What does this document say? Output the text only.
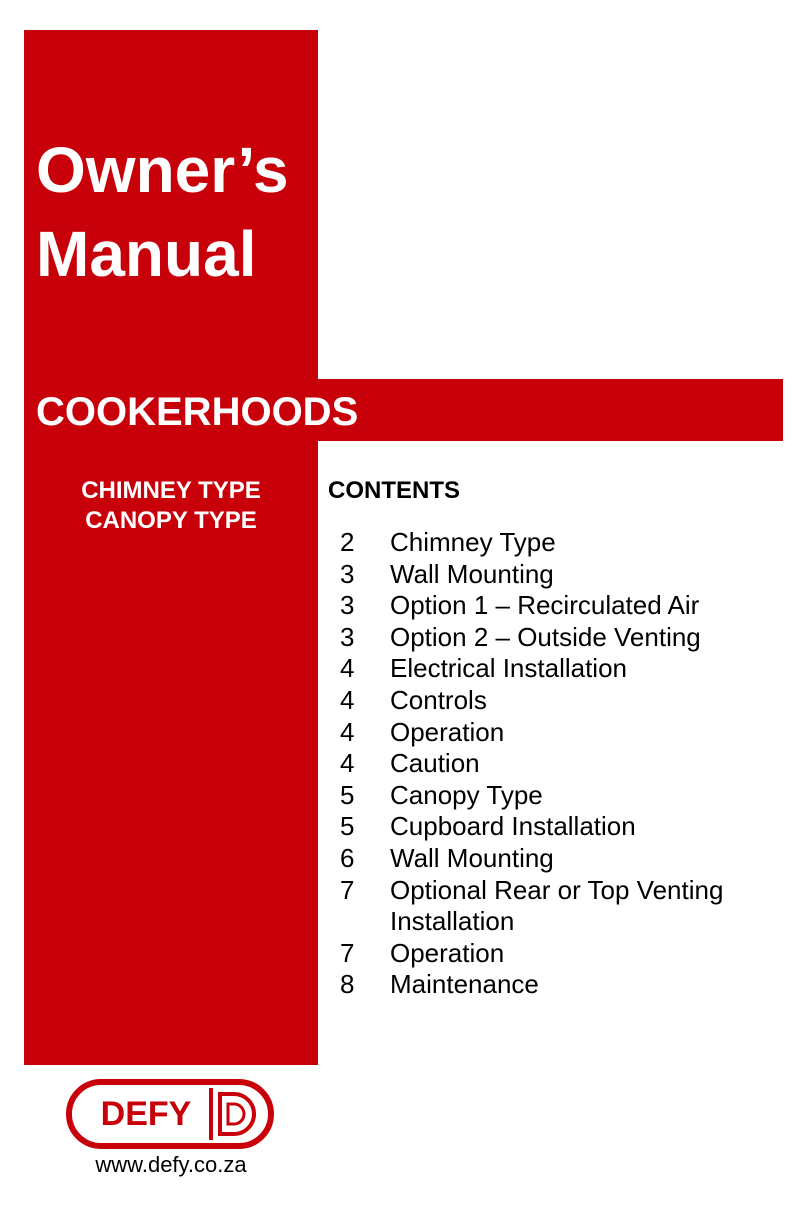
Owner’s
Manual
COOKERHOODS
CHIMNEY TYPE
CANOPY TYPE
CONTENTS
2	Chimney Type
3	Wall Mounting
3	Option 1 – Recirculated Air
3	Option 2 – Outside Venting
4	Electrical Installation
4	Controls
4	Operation
4	Caution
5	Canopy Type
5	Cupboard Installation
6	Wall Mounting
7	Optional Rear or Top Venting Installation
7	Operation
8	Maintenance
DEFY
www.defy.co.za
